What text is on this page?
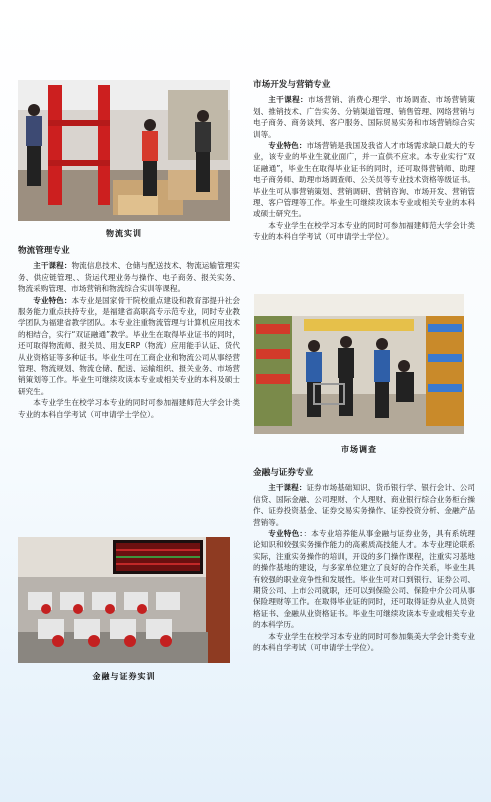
物流实训
物流管理专业

主干课程：物流信息技术、仓储与配送技术、物流运输管理实务、供应链管理、、货运代理业务与操作、电子商务、报关实务、物流采购管理、市场营销和物流综合实训等课程。

专业特色：本专业是国家骨干院校重点建设和教育部提升社会服务能力重点扶持专业，是福建省高职高专示范专业，同时专业教学团队为福建省教学团队。本专业注重物流管理与计算机应用技术的相结合，实行“双证融通”教学。毕业生在取得毕业证书的同时，还可取得物流师、报关员、用友ERP（物流）应用能手认证、货代从业资格证等多种证书。毕业生可在工商企业和物流公司从事经营管理、物流规划、物流仓储、配送、运输组织、报关业务、市场营销策划等工作。毕业生可继续攻读本专业或相关专业的本科及硕士研究生。

本专业学生在校学习本专业的同时可参加福建师范大学会计类专业的本科自学考试（可申请学士学位）。

金融与证券实训
市场开发与营销专业

主干课程：市场营销、消费心理学、市场调查、市场营销策划、推销技术、广告实务、分销渠道管理、销售管理、网络营销与电子商务、商务谈判、客户服务、国际贸易实务和市场营销综合实训等。

专业特色：市场营销是我国及我省人才市场需求缺口最大的专业，该专业的毕业生就业面广，并一直供不应求。本专业实行“双证融通”，毕业生在取得毕业证书的同时，还可取得营销师、助理电子商务师、助理市场调查师、公关员等专业技术资格等级证书。毕业生可从事营销策划、营销调研、营销咨询、市场开发、营销管理、客户管理等工作。毕业生可继续攻读本专业或相关专业的本科或硕士研究生。

本专业学生在校学习本专业的同时可参加福建师范大学会计类专业的本科自学考试（可申请学士学位）。

市场调查
金融与证券专业

主干课程：证券市场基础知识、货币银行学、银行会计、公司信贷、国际金融、公司理财、个人理财、商业银行综合业务柜台操作、证券投资基金、证券交易实务操作、证券投资分析、金融产品营销等。

专业特色：：本专业培养能从事金融与证券业务，具有系统理论知识和较强实务操作能力的高素质高技能人才。本专业理论联系实际，注重实务操作的培训，开设的多门操作课程，注重实习基地的操作基地的建设，与多家单位建立了良好的合作关系，毕业生具有较强的职业竞争性和发展性。毕业生可对口到银行、证券公司、期货公司、上市公司就职，还可以到保险公司、保险中介公司从事保险理财等工作。在取得毕业证的同时，还可取得证券从业人员资格证书、金融从业资格证书。毕业生可继续攻读本专业或相关专业的本科学历。

本专业学生在校学习本专业的同时可参加集美大学会计类专业的本科自学考试（可申请学士学位）。
